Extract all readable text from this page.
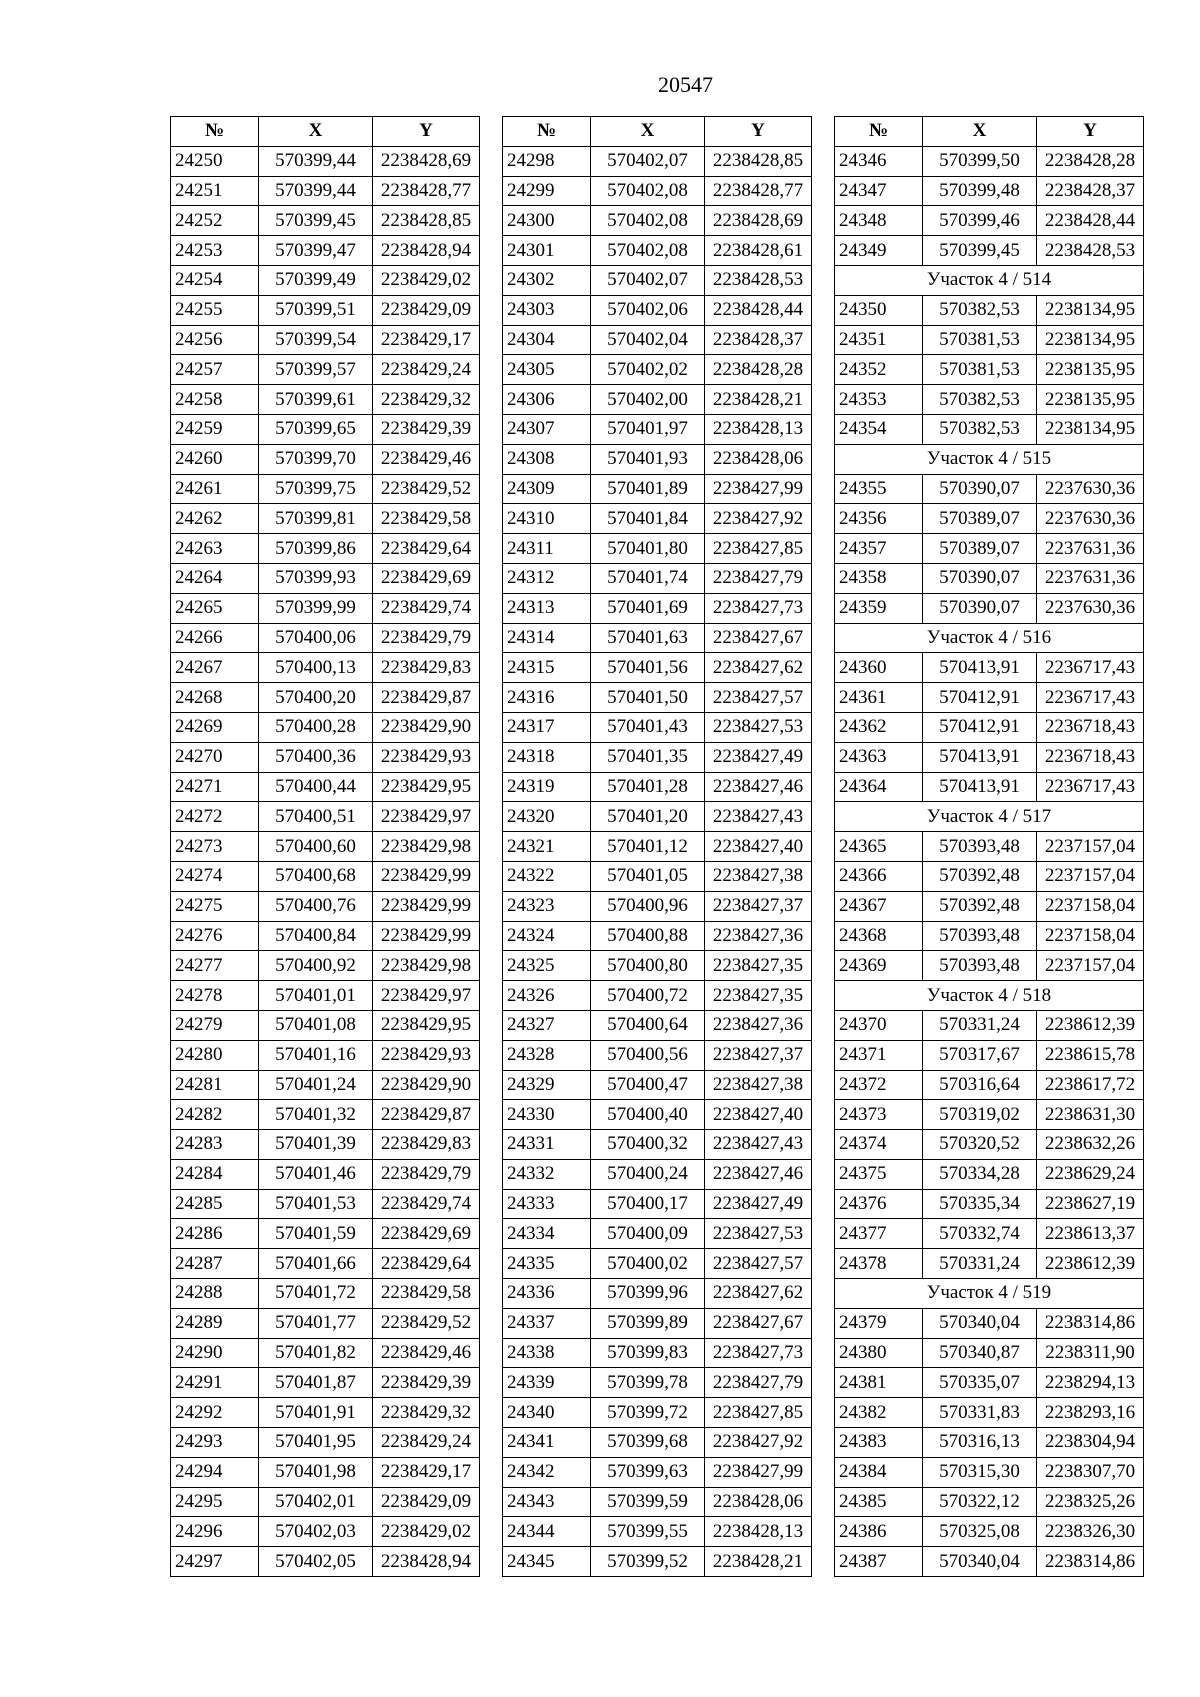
20547
№	X	Y
24250	570399,44	2238428,69
24251	570399,44	2238428,77
24252	570399,45	2238428,85
24253	570399,47	2238428,94
24254	570399,49	2238429,02
24255	570399,51	2238429,09
24256	570399,54	2238429,17
24257	570399,57	2238429,24
24258	570399,61	2238429,32
24259	570399,65	2238429,39
24260	570399,70	2238429,46
24261	570399,75	2238429,52
24262	570399,81	2238429,58
24263	570399,86	2238429,64
24264	570399,93	2238429,69
24265	570399,99	2238429,74
24266	570400,06	2238429,79
24267	570400,13	2238429,83
24268	570400,20	2238429,87
24269	570400,28	2238429,90
24270	570400,36	2238429,93
24271	570400,44	2238429,95
24272	570400,51	2238429,97
24273	570400,60	2238429,98
24274	570400,68	2238429,99
24275	570400,76	2238429,99
24276	570400,84	2238429,99
24277	570400,92	2238429,98
24278	570401,01	2238429,97
24279	570401,08	2238429,95
24280	570401,16	2238429,93
24281	570401,24	2238429,90
24282	570401,32	2238429,87
24283	570401,39	2238429,83
24284	570401,46	2238429,79
24285	570401,53	2238429,74
24286	570401,59	2238429,69
24287	570401,66	2238429,64
24288	570401,72	2238429,58
24289	570401,77	2238429,52
24290	570401,82	2238429,46
24291	570401,87	2238429,39
24292	570401,91	2238429,32
24293	570401,95	2238429,24
24294	570401,98	2238429,17
24295	570402,01	2238429,09
24296	570402,03	2238429,02
24297	570402,05	2238428,94
№	X	Y
24298	570402,07	2238428,85
24299	570402,08	2238428,77
24300	570402,08	2238428,69
24301	570402,08	2238428,61
24302	570402,07	2238428,53
24303	570402,06	2238428,44
24304	570402,04	2238428,37
24305	570402,02	2238428,28
24306	570402,00	2238428,21
24307	570401,97	2238428,13
24308	570401,93	2238428,06
24309	570401,89	2238427,99
24310	570401,84	2238427,92
24311	570401,80	2238427,85
24312	570401,74	2238427,79
24313	570401,69	2238427,73
24314	570401,63	2238427,67
24315	570401,56	2238427,62
24316	570401,50	2238427,57
24317	570401,43	2238427,53
24318	570401,35	2238427,49
24319	570401,28	2238427,46
24320	570401,20	2238427,43
24321	570401,12	2238427,40
24322	570401,05	2238427,38
24323	570400,96	2238427,37
24324	570400,88	2238427,36
24325	570400,80	2238427,35
24326	570400,72	2238427,35
24327	570400,64	2238427,36
24328	570400,56	2238427,37
24329	570400,47	2238427,38
24330	570400,40	2238427,40
24331	570400,32	2238427,43
24332	570400,24	2238427,46
24333	570400,17	2238427,49
24334	570400,09	2238427,53
24335	570400,02	2238427,57
24336	570399,96	2238427,62
24337	570399,89	2238427,67
24338	570399,83	2238427,73
24339	570399,78	2238427,79
24340	570399,72	2238427,85
24341	570399,68	2238427,92
24342	570399,63	2238427,99
24343	570399,59	2238428,06
24344	570399,55	2238428,13
24345	570399,52	2238428,21
№	X	Y
24346	570399,50	2238428,28
24347	570399,48	2238428,37
24348	570399,46	2238428,44
24349	570399,45	2238428,53
Участок 4 / 514		
24350	570382,53	2238134,95
24351	570381,53	2238134,95
24352	570381,53	2238135,95
24353	570382,53	2238135,95
24354	570382,53	2238134,95
Участок 4 / 515		
24355	570390,07	2237630,36
24356	570389,07	2237630,36
24357	570389,07	2237631,36
24358	570390,07	2237631,36
24359	570390,07	2237630,36
Участок 4 / 516		
24360	570413,91	2236717,43
24361	570412,91	2236717,43
24362	570412,91	2236718,43
24363	570413,91	2236718,43
24364	570413,91	2236717,43
Участок 4 / 517		
24365	570393,48	2237157,04
24366	570392,48	2237157,04
24367	570392,48	2237158,04
24368	570393,48	2237158,04
24369	570393,48	2237157,04
Участок 4 / 518		
24370	570331,24	2238612,39
24371	570317,67	2238615,78
24372	570316,64	2238617,72
24373	570319,02	2238631,30
24374	570320,52	2238632,26
24375	570334,28	2238629,24
24376	570335,34	2238627,19
24377	570332,74	2238613,37
24378	570331,24	2238612,39
Участок 4 / 519		
24379	570340,04	2238314,86
24380	570340,87	2238311,90
24381	570335,07	2238294,13
24382	570331,83	2238293,16
24383	570316,13	2238304,94
24384	570315,30	2238307,70
24385	570322,12	2238325,26
24386	570325,08	2238326,30
24387	570340,04	2238314,86
